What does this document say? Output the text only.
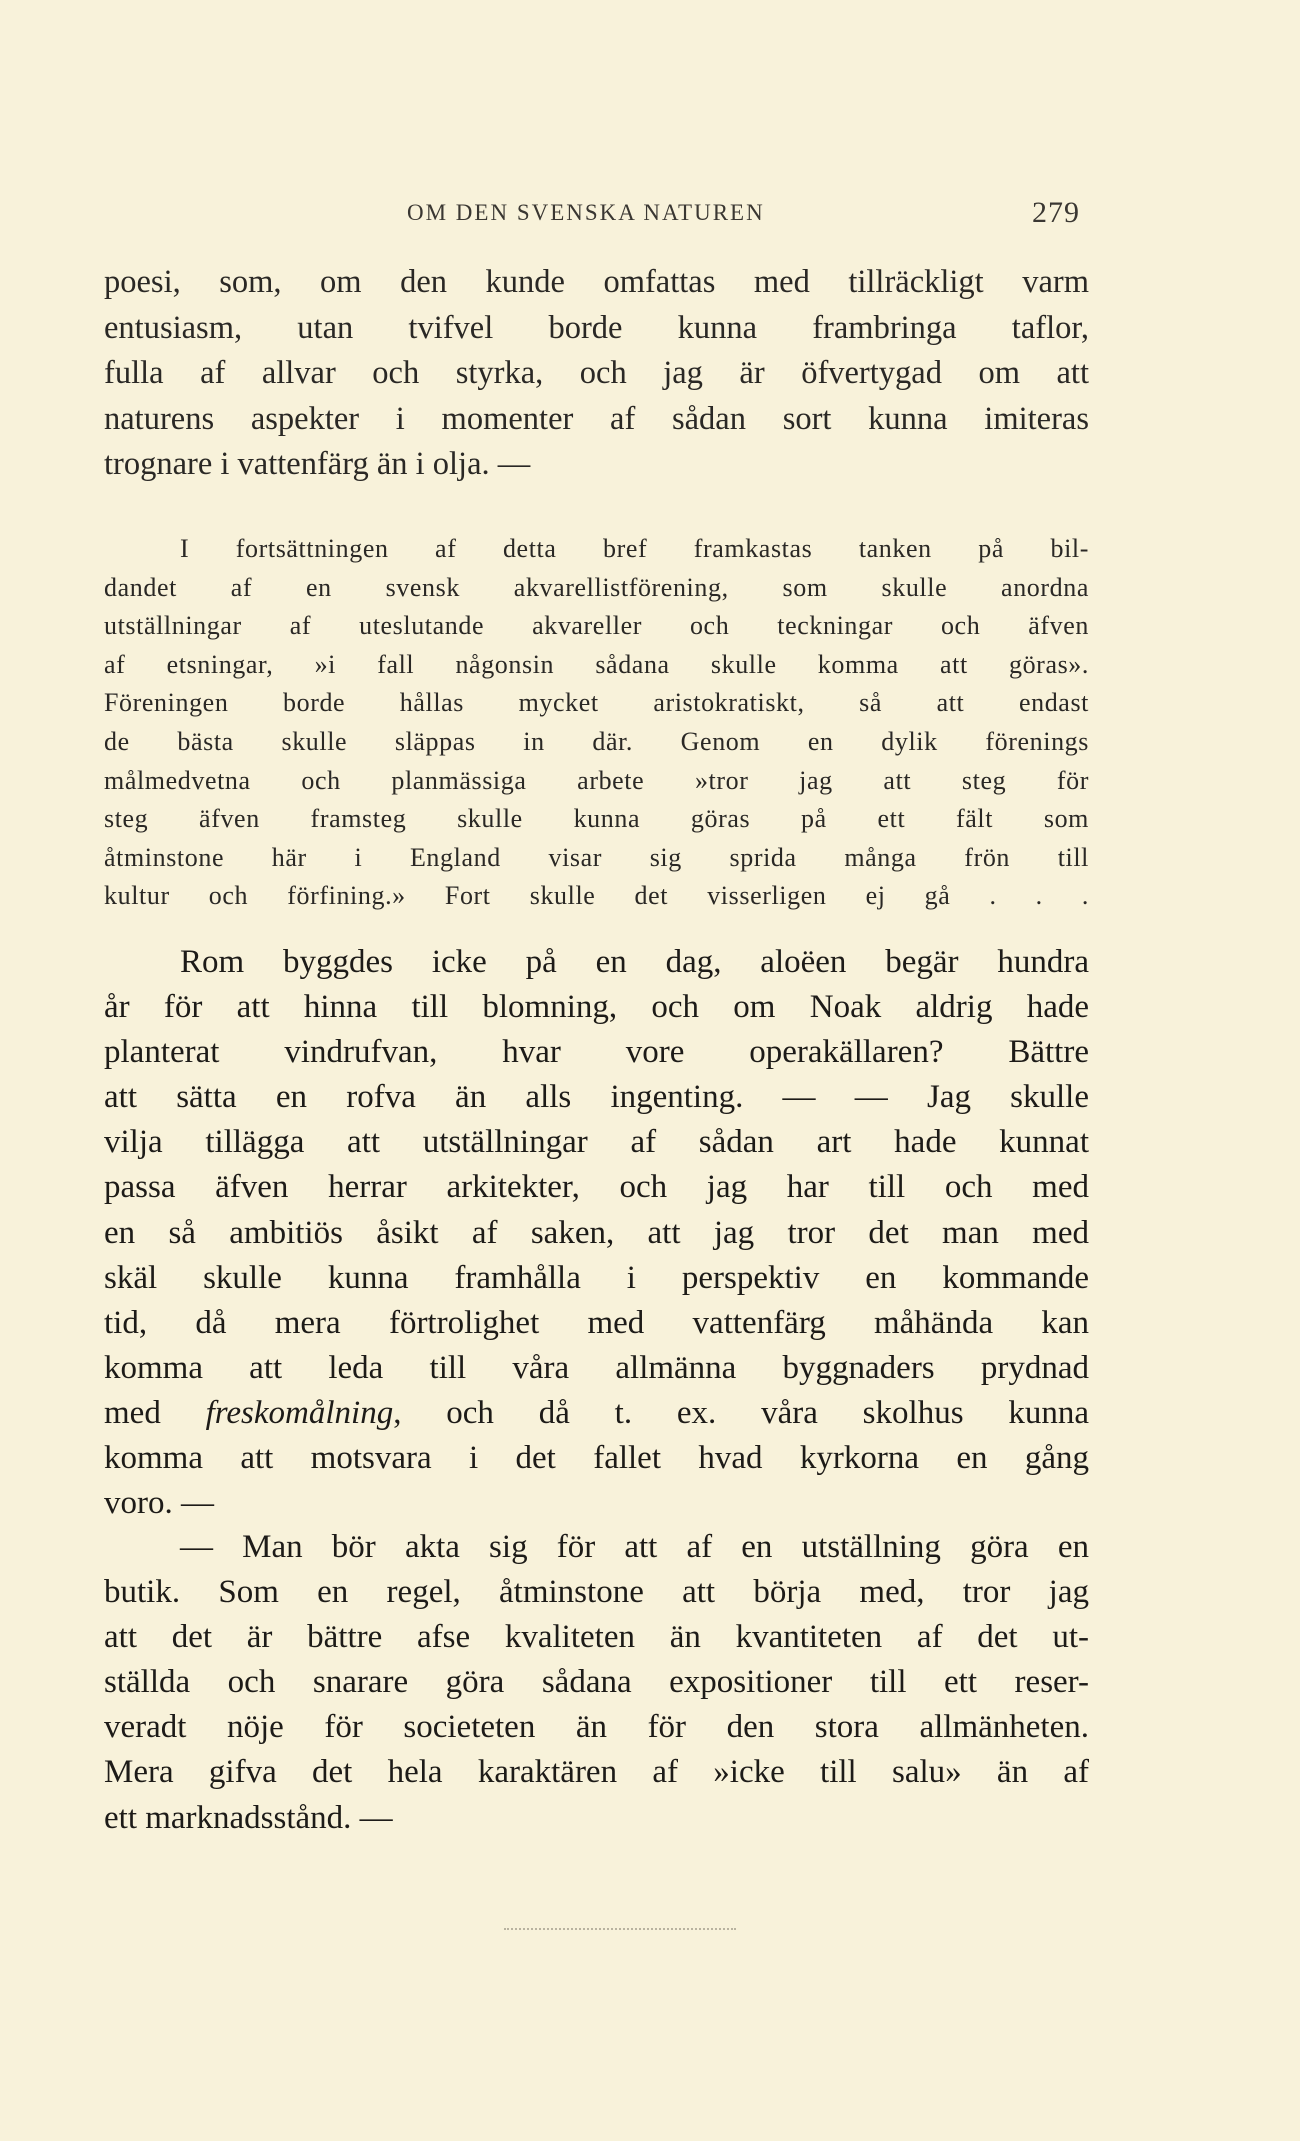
OM DEN SVENSKA NATUREN	279
poesi, som, om den kunde omfattas med tillräckligt varm
entusiasm, utan tvifvel borde kunna frambringa taflor,
fulla af allvar och styrka, och jag är öfvertygad om att
naturens aspekter i momenter af sådan sort kunna imiteras
trognare i vattenfärg än i olja. —
I fortsättningen af detta bref framkastas tanken på bil-
dandet af en svensk akvarellistförening, som skulle anordna
utställningar af uteslutande akvareller och teckningar och äfven
af etsningar, »i fall någonsin sådana skulle komma att göras».
Föreningen borde hållas mycket aristokratiskt, så att endast
de bästa skulle släppas in där. Genom en dylik förenings
målmedvetna och planmässiga arbete »tror jag att steg för
steg äfven framsteg skulle kunna göras på ett fält som
åtminstone här i England visar sig sprida många frön till
kultur och förfining.» Fort skulle det visserligen ej gå . . .
Rom byggdes icke på en dag, aloëen begär hundra
år för att hinna till blomning, och om Noak aldrig hade
planterat vindrufvan, hvar vore operakällaren? Bättre
att sätta en rofva än alls ingenting. — — Jag skulle
vilja tillägga att utställningar af sådan art hade kunnat
passa äfven herrar arkitekter, och jag har till och med
en så ambitiös åsikt af saken, att jag tror det man med
skäl skulle kunna framhålla i perspektiv en kommande
tid, då mera förtrolighet med vattenfärg måhända kan
komma att leda till våra allmänna byggnaders prydnad
med freskomålning, och då t. ex. våra skolhus kunna
komma att motsvara i det fallet hvad kyrkorna en gång
voro. —
— Man bör akta sig för att af en utställning göra en
butik. Som en regel, åtminstone att börja med, tror jag
att det är bättre afse kvaliteten än kvantiteten af det ut-
ställda och snarare göra sådana expositioner till ett reser-
veradt nöje för societeten än för den stora allmänheten.
Mera gifva det hela karaktären af »icke till salu» än af
ett marknadsstånd. —
